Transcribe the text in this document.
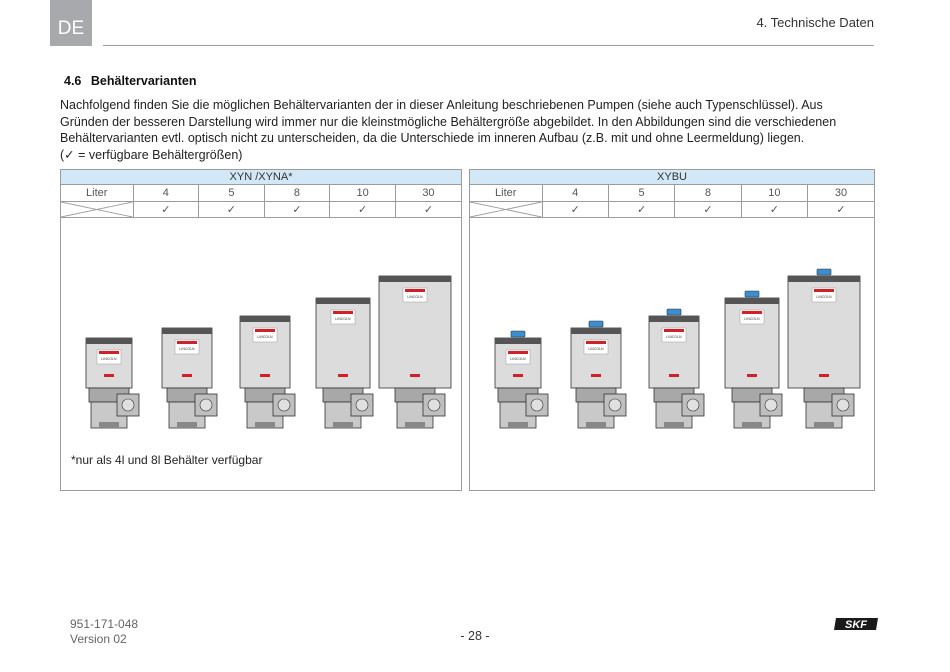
DE	4. Technische Daten
4.6 Behältervarianten

Nachfolgend finden Sie die möglichen Behältervarianten der in dieser Anleitung beschriebenen Pumpen (siehe auch Typenschlüssel). Aus

Gründen der besseren Darstellung wird immer nur die kleinstmögliche Behältergröße abgebildet. In den Abbildungen sind die verschiedenen

Behältervarianten evtl. optisch nicht zu unterscheiden, da die Unterschiede im inneren Aufbau (z.B. mit und ohne Leermeldung) liegen.

(✓ = verfügbare Behältergrößen)

XYN /XYNA*
Liter	4	5	8	10	30

	✓	✓	✓	✓	✓
LINCOLN
LINCOLN
LINCOLN
LINCOLN
LINCOLN
*nur als 4l und 8l Behälter verfügbar
XYBU
Liter	4	5	8	10	30

	✓	✓	✓	✓	✓
LINCOLN
LINCOLN
LINCOLN
LINCOLN
LINCOLN
951-171-048
Version 02	- 28 -
SKF
